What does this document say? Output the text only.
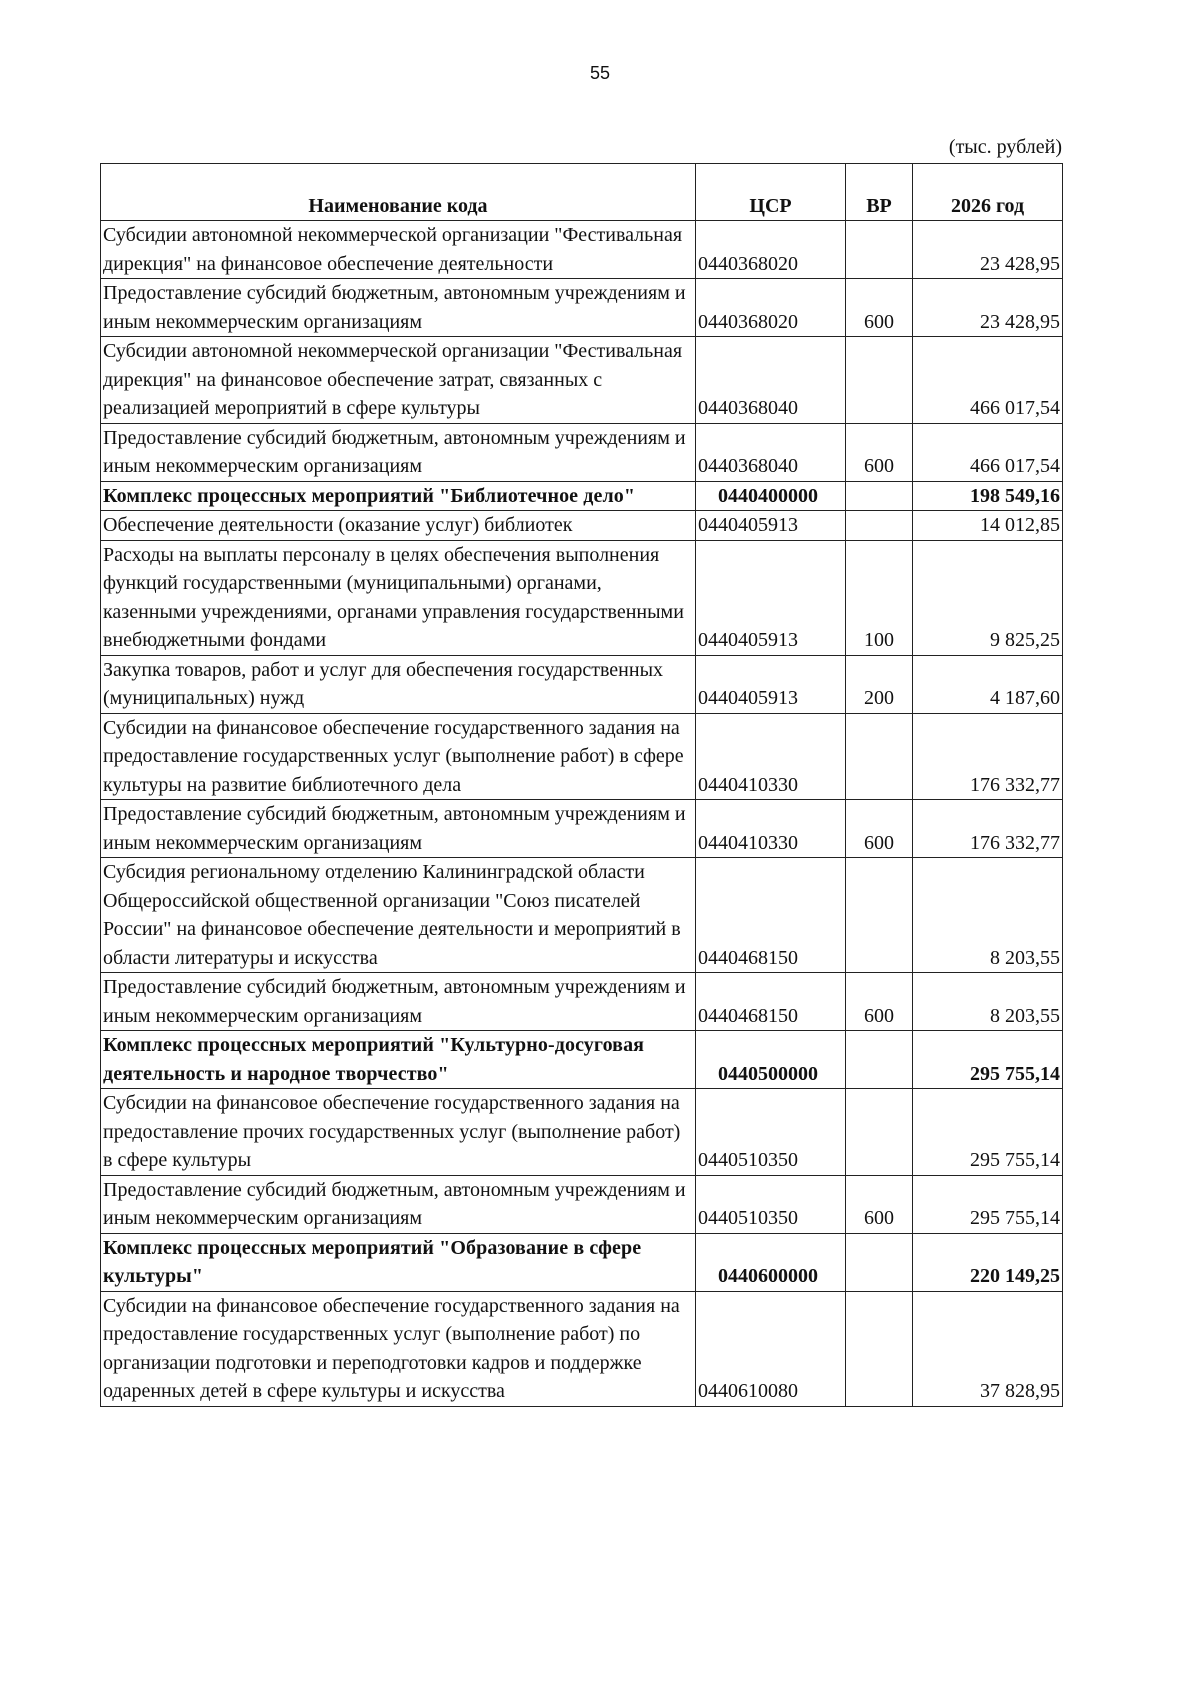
55
(тыс. рублей)
Наименование кода	ЦСР	ВР	2026 год
Субсидии автономной некоммерческой организации "Фестивальная дирекция" на финансовое обеспечение деятельности	0440368020		23 428,95
Предоставление субсидий бюджетным, автономным учреждениям и иным некоммерческим организациям	0440368020	600	23 428,95
Субсидии автономной некоммерческой организации "Фестивальная дирекция" на финансовое обеспечение затрат, связанных с реализацией мероприятий в сфере культуры	0440368040		466 017,54
Предоставление субсидий бюджетным, автономным учреждениям и иным некоммерческим организациям	0440368040	600	466 017,54
Комплекс процессных мероприятий "Библиотечное дело"	0440400000		198 549,16
Обеспечение деятельности (оказание услуг) библиотек	0440405913		14 012,85
Расходы на выплаты персоналу в целях обеспечения выполнения функций государственными (муниципальными) органами, казенными учреждениями, органами управления государственными внебюджетными фондами	0440405913	100	9 825,25
Закупка товаров, работ и услуг для обеспечения государственных (муниципальных) нужд	0440405913	200	4 187,60
Субсидии на финансовое обеспечение государственного задания на предоставление государственных услуг (выполнение работ) в сфере культуры на развитие библиотечного дела	0440410330		176 332,77
Предоставление субсидий бюджетным, автономным учреждениям и иным некоммерческим организациям	0440410330	600	176 332,77
Субсидия региональному отделению Калининградской области Общероссийской общественной организации "Союз писателей России" на финансовое обеспечение деятельности и мероприятий в области литературы и искусства	0440468150		8 203,55
Предоставление субсидий бюджетным, автономным учреждениям и иным некоммерческим организациям	0440468150	600	8 203,55
Комплекс процессных мероприятий "Культурно-досуговая деятельность и народное творчество"	0440500000		295 755,14
Субсидии на финансовое обеспечение государственного задания на предоставление прочих государственных услуг (выполнение работ) в сфере культуры	0440510350		295 755,14
Предоставление субсидий бюджетным, автономным учреждениям и иным некоммерческим организациям	0440510350	600	295 755,14
Комплекс процессных мероприятий "Образование в сфере культуры"	0440600000		220 149,25
Субсидии на финансовое обеспечение государственного задания на предоставление государственных услуг (выполнение работ) по организации подготовки и переподготовки кадров и поддержке одаренных детей в сфере культуры и искусства	0440610080		37 828,95
